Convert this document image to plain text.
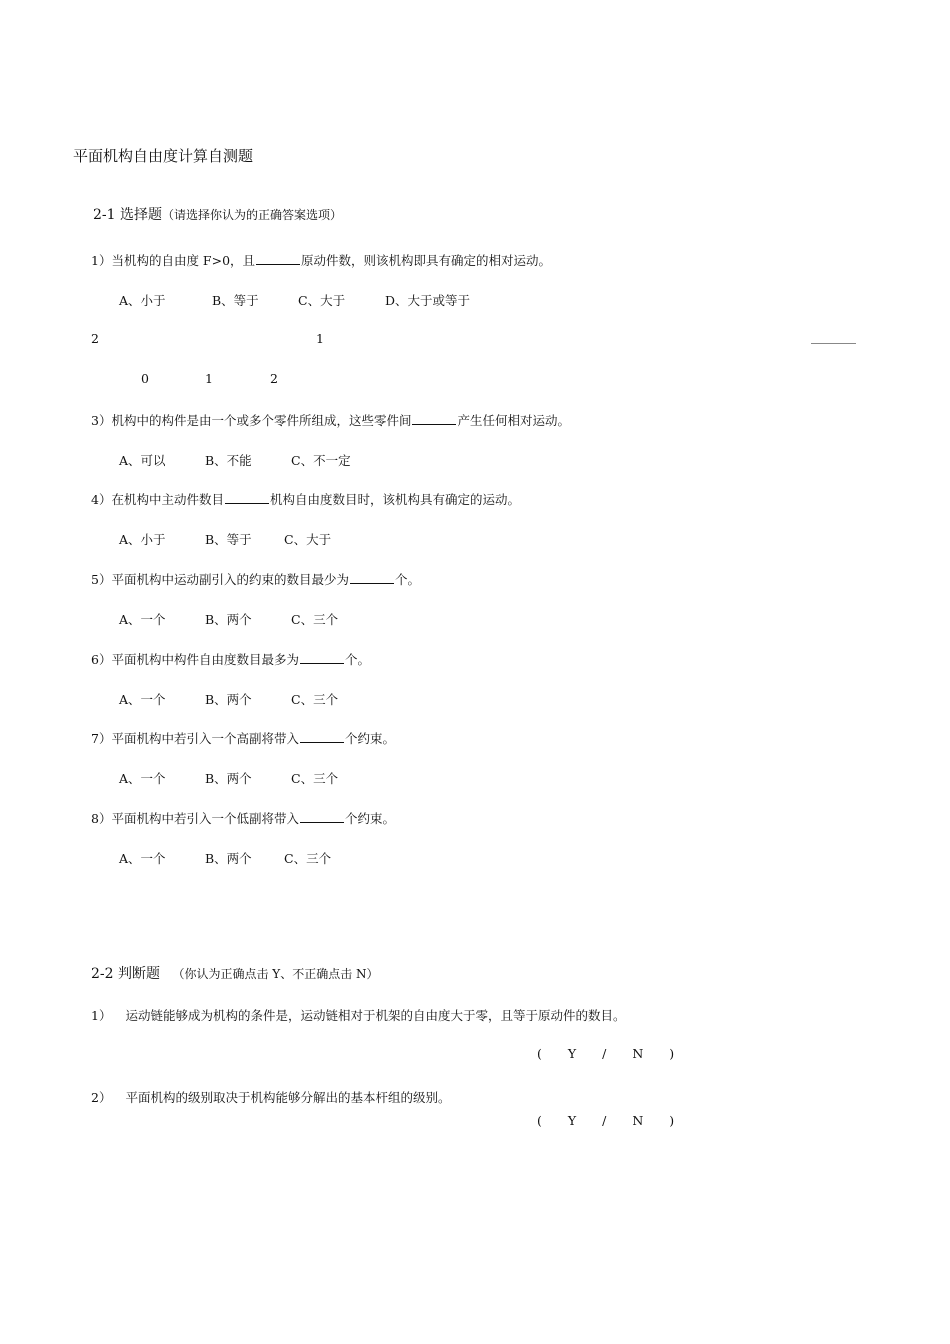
平面机构自由度计算自测题
2-1 选择题（请选择你认为的正确答案选项）
1）当机构的自由度 F>0，且	原动件数，则该机构即具有确定的相对运动。
A、小于	B、等于	C、大于	D、大于或等于
2	1
0	1	2
3）机构中的构件是由一个或多个零件所组成，这些零件间	产生任何相对运动。
A、可以	B、不能	C、不一定
4）在机构中主动件数目	机构自由度数目时，该机构具有确定的运动。
A、小于	B、等于	C、大于
5）平面机构中运动副引入的约束的数目最少为	个。
A、一个	B、两个	C、三个
6）平面机构中构件自由度数目最多为	个。
A、一个	B、两个	C、三个
7）平面机构中若引入一个高副将带入	个约束。
A、一个	B、两个	C、三个
8）平面机构中若引入一个低副将带入	个约束。
A、一个	B、两个	C、三个
2-2 判断题 （你认为正确点击 Y、不正确点击 N）
1） 运动链能够成为机构的条件是，运动链相对于机架的自由度大于零，且等于原动件的数目。
( Y / N )
2） 平面机构的级别取决于机构能够分解出的基本杆组的级别。
( Y / N )
